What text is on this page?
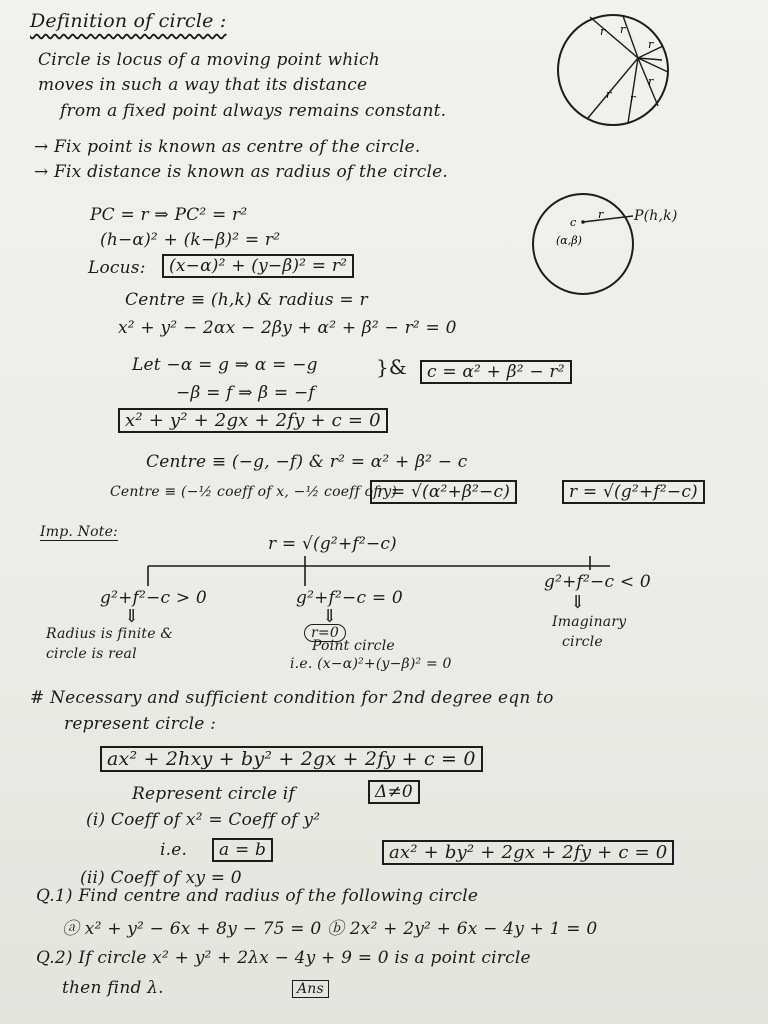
Definition of circle :
Circle is locus of a moving point which
moves in such a way that its distance
from a fixed point always remains constant.
r r
r
r
r
r
→ Fix point is known as centre of the circle.
→ Fix distance is known as radius of the circle.
c
r
(α,β)
P(h,k)
PC = r ⇒ PC² = r²
(h−α)² + (k−β)² = r²
Locus:	(x−α)² + (y−β)² = r²
Centre ≡ (h,k) & radius = r
x² + y² − 2αx − 2βy + α² + β² − r² = 0
Let −α = g ⇒ α = −g	}&	c = α² + β² − r²
−β = f ⇒ β = −f
x² + y² + 2gx + 2fy + c = 0
Centre ≡ (−g, −f) & r² = α² + β² − c
Centre ≡ (−½ coeff of x, −½ coeff of y)
r = √(α²+β²−c)	r = √(g²+f²−c)
Imp. Note:
r = √(g²+f²−c)
g²+f²−c > 0
⇓
Radius is finite &
circle is real
g²+f²−c = 0
⇓
r=0
Point circle
i.e. (x−α)²+(y−β)² = 0
g²+f²−c < 0
⇓
Imaginary
circle
# Necessary and sufficient condition for 2nd degree eqn to
represent circle :
ax² + 2hxy + by² + 2gx + 2fy + c = 0
Represent circle if	Δ≠0
(i) Coeff of x² = Coeff of y²
i.e.	a = b	ax² + by² + 2gx + 2fy + c = 0
(ii) Coeff of xy = 0
Q.1) Find centre and radius of the following circle
ⓐ x² + y² − 6x + 8y − 75 = 0 ⓑ 2x² + 2y² + 6x − 4y + 1 = 0
Q.2) If circle x² + y² + 2λx − 4y + 9 = 0 is a point circle
then find λ.	Ans
